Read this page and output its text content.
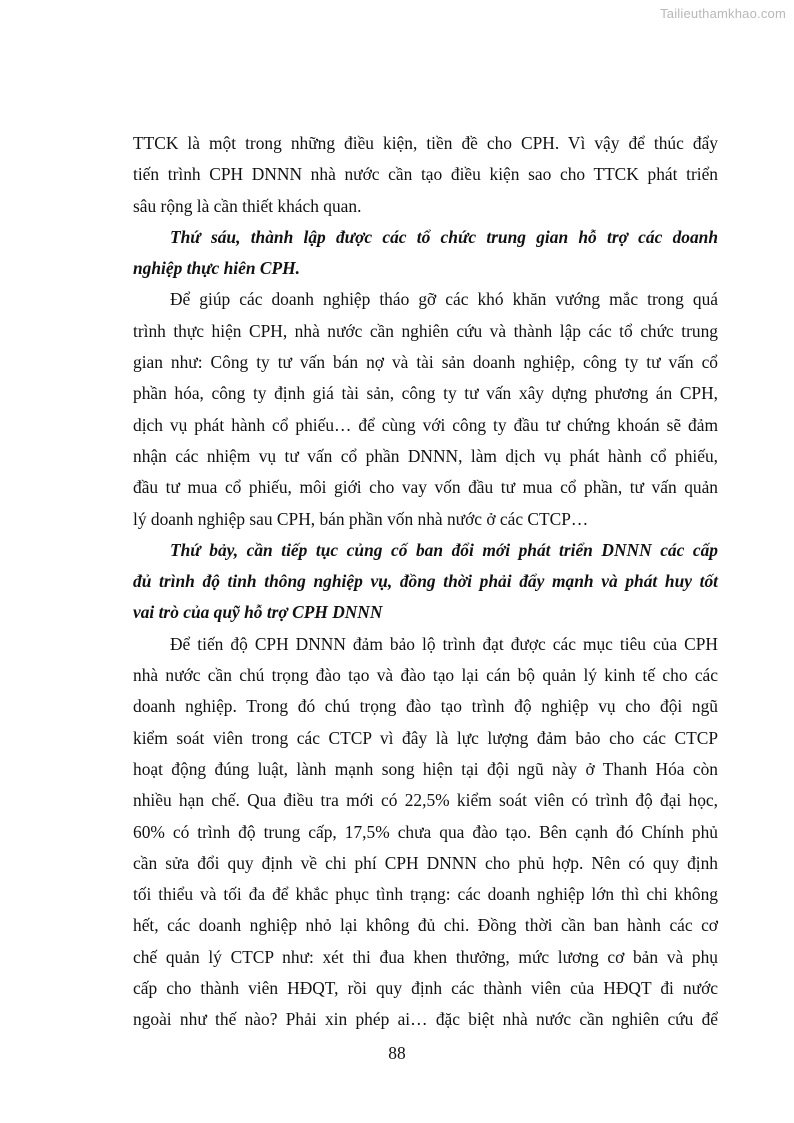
Tailieuthamkhao.com
TTCK là một trong những điều kiện, tiền đề cho CPH. Vì vậy để thúc đẩy
tiến trình CPH DNNN nhà nước cần tạo điều kiện sao cho TTCK phát triển
sâu rộng là cần thiết khách quan.
Thứ sáu, thành lập được các tổ chức trung gian hỗ trợ các doanh
nghiệp thực hiên CPH.
Để giúp các doanh nghiệp tháo gỡ các khó khăn vướng mắc trong quá
trình thực hiện CPH, nhà nước cần nghiên cứu và thành lập các tổ chức trung
gian như: Công ty tư vấn bán nợ và tài sản doanh nghiệp, công ty tư vấn cổ
phần hóa, công ty định giá tài sản, công ty tư vấn xây dựng phương án CPH,
dịch vụ phát hành cổ phiếu… để cùng với công ty đầu tư chứng khoán sẽ đảm
nhận các nhiệm vụ tư vấn cổ phần DNNN, làm dịch vụ phát hành cổ phiếu,
đầu tư mua cổ phiếu, môi giới cho vay vốn đầu tư mua cổ phần, tư vấn quản
lý doanh nghiệp sau CPH, bán phần vốn nhà nước ở các CTCP…
Thứ bảy, cần tiếp tục củng cố ban đổi mới phát triển DNNN các cấp
đủ trình độ tinh thông nghiệp vụ, đồng thời phải đẩy mạnh và phát huy tốt
vai trò của quỹ hỗ trợ CPH DNNN
Để tiến độ CPH DNNN đảm bảo lộ trình đạt được các mục tiêu của CPH
nhà nước cần chú trọng đào tạo và đào tạo lại cán bộ quản lý kinh tế cho các
doanh nghiệp. Trong đó chú trọng đào tạo trình độ nghiệp vụ cho đội ngũ
kiểm soát viên trong các CTCP vì đây là lực lượng đảm bảo cho các CTCP
hoạt động đúng luật, lành mạnh song hiện tại đội ngũ này ở Thanh Hóa còn
nhiều hạn chế. Qua điều tra mới có 22,5% kiểm soát viên có trình độ đại học,
60% có trình độ trung cấp, 17,5% chưa qua đào tạo. Bên cạnh đó Chính phủ
cần sửa đổi quy định về chi phí CPH DNNN cho phủ hợp. Nên có quy định
tối thiểu và tối đa để khắc phục tình trạng: các doanh nghiệp lớn thì chi không
hết, các doanh nghiệp nhỏ lại không đủ chi. Đồng thời cần ban hành các cơ
chế quản lý CTCP như: xét thi đua khen thưởng, mức lương cơ bản và phụ
cấp cho thành viên HĐQT, rồi quy định các thành viên của HĐQT đi nước
ngoài như thế nào? Phải xin phép ai… đặc biệt nhà nước cần nghiên cứu để
88
